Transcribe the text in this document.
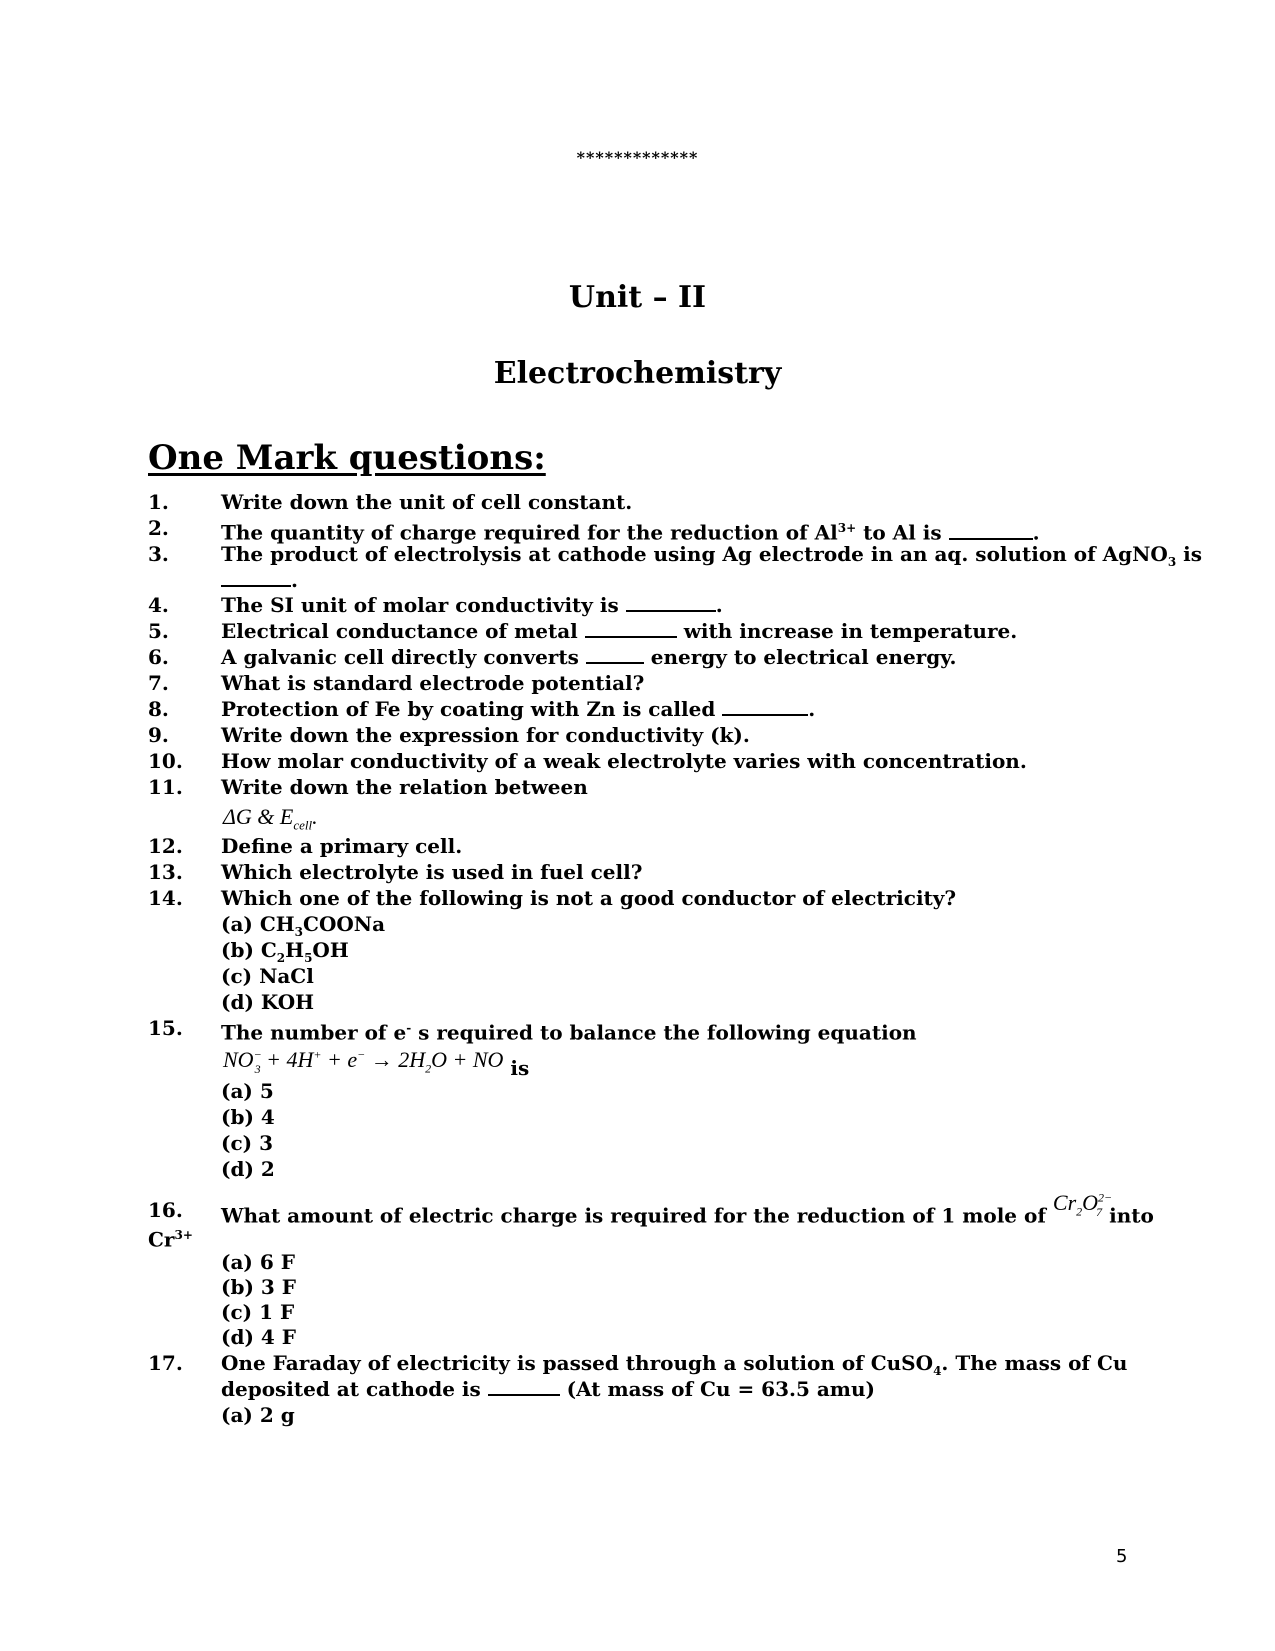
*************
Unit – II
Electrochemistry
One Mark questions:
1.	Write down the unit of cell constant.
2.	The quantity of charge required for the reduction of $Al^{3+}$ to Al is	.
3.	The product of electrolysis at cathode using Ag electrode in an aq. solution of AgNO$_3$ is
.
4.	The SI unit of molar conductivity is	.
5.	Electrical conductance of metal	with increase in temperature.
6.	A galvanic cell directly converts	energy to electrical energy.
7.	What is standard electrode potential?
8.	Protection of Fe by coating with Zn is called	.
9.	Write down the expression for conductivity (k).
10.	How molar conductivity of a weak electrolyte varies with concentration.
11.	Write down the relation between
ΔG & $E_{cell}$.
12.	Define a primary cell.
13.	Which electrolyte is used in fuel cell?
14.	Which one of the following is not a good conductor of electricity?
(a) $CH_3COONa$
(b) $C_2H_5OH$
(c) NaCl
(d) KOH
15.	The number of e- s required to balance the following equation
$NO^-_3 + 4H^+ + e^- \to 2H_2O$ + NO is
(a) 5
(b) 4
(c) 3
(d) 2
16.	What amount of electric charge is required for the reduction of 1 mole of $Cr_2O^{2-}_7$ into
$Cr^{3+}$
(a) 6 F
(b) 3 F
(c) 1 F
(d) 4 F
17.	One Faraday of electricity is passed through a solution of CuSO$_4$. The mass of Cu
deposited at cathode is	(At mass of Cu = 63.5 amu)
(a) 2 g
5
